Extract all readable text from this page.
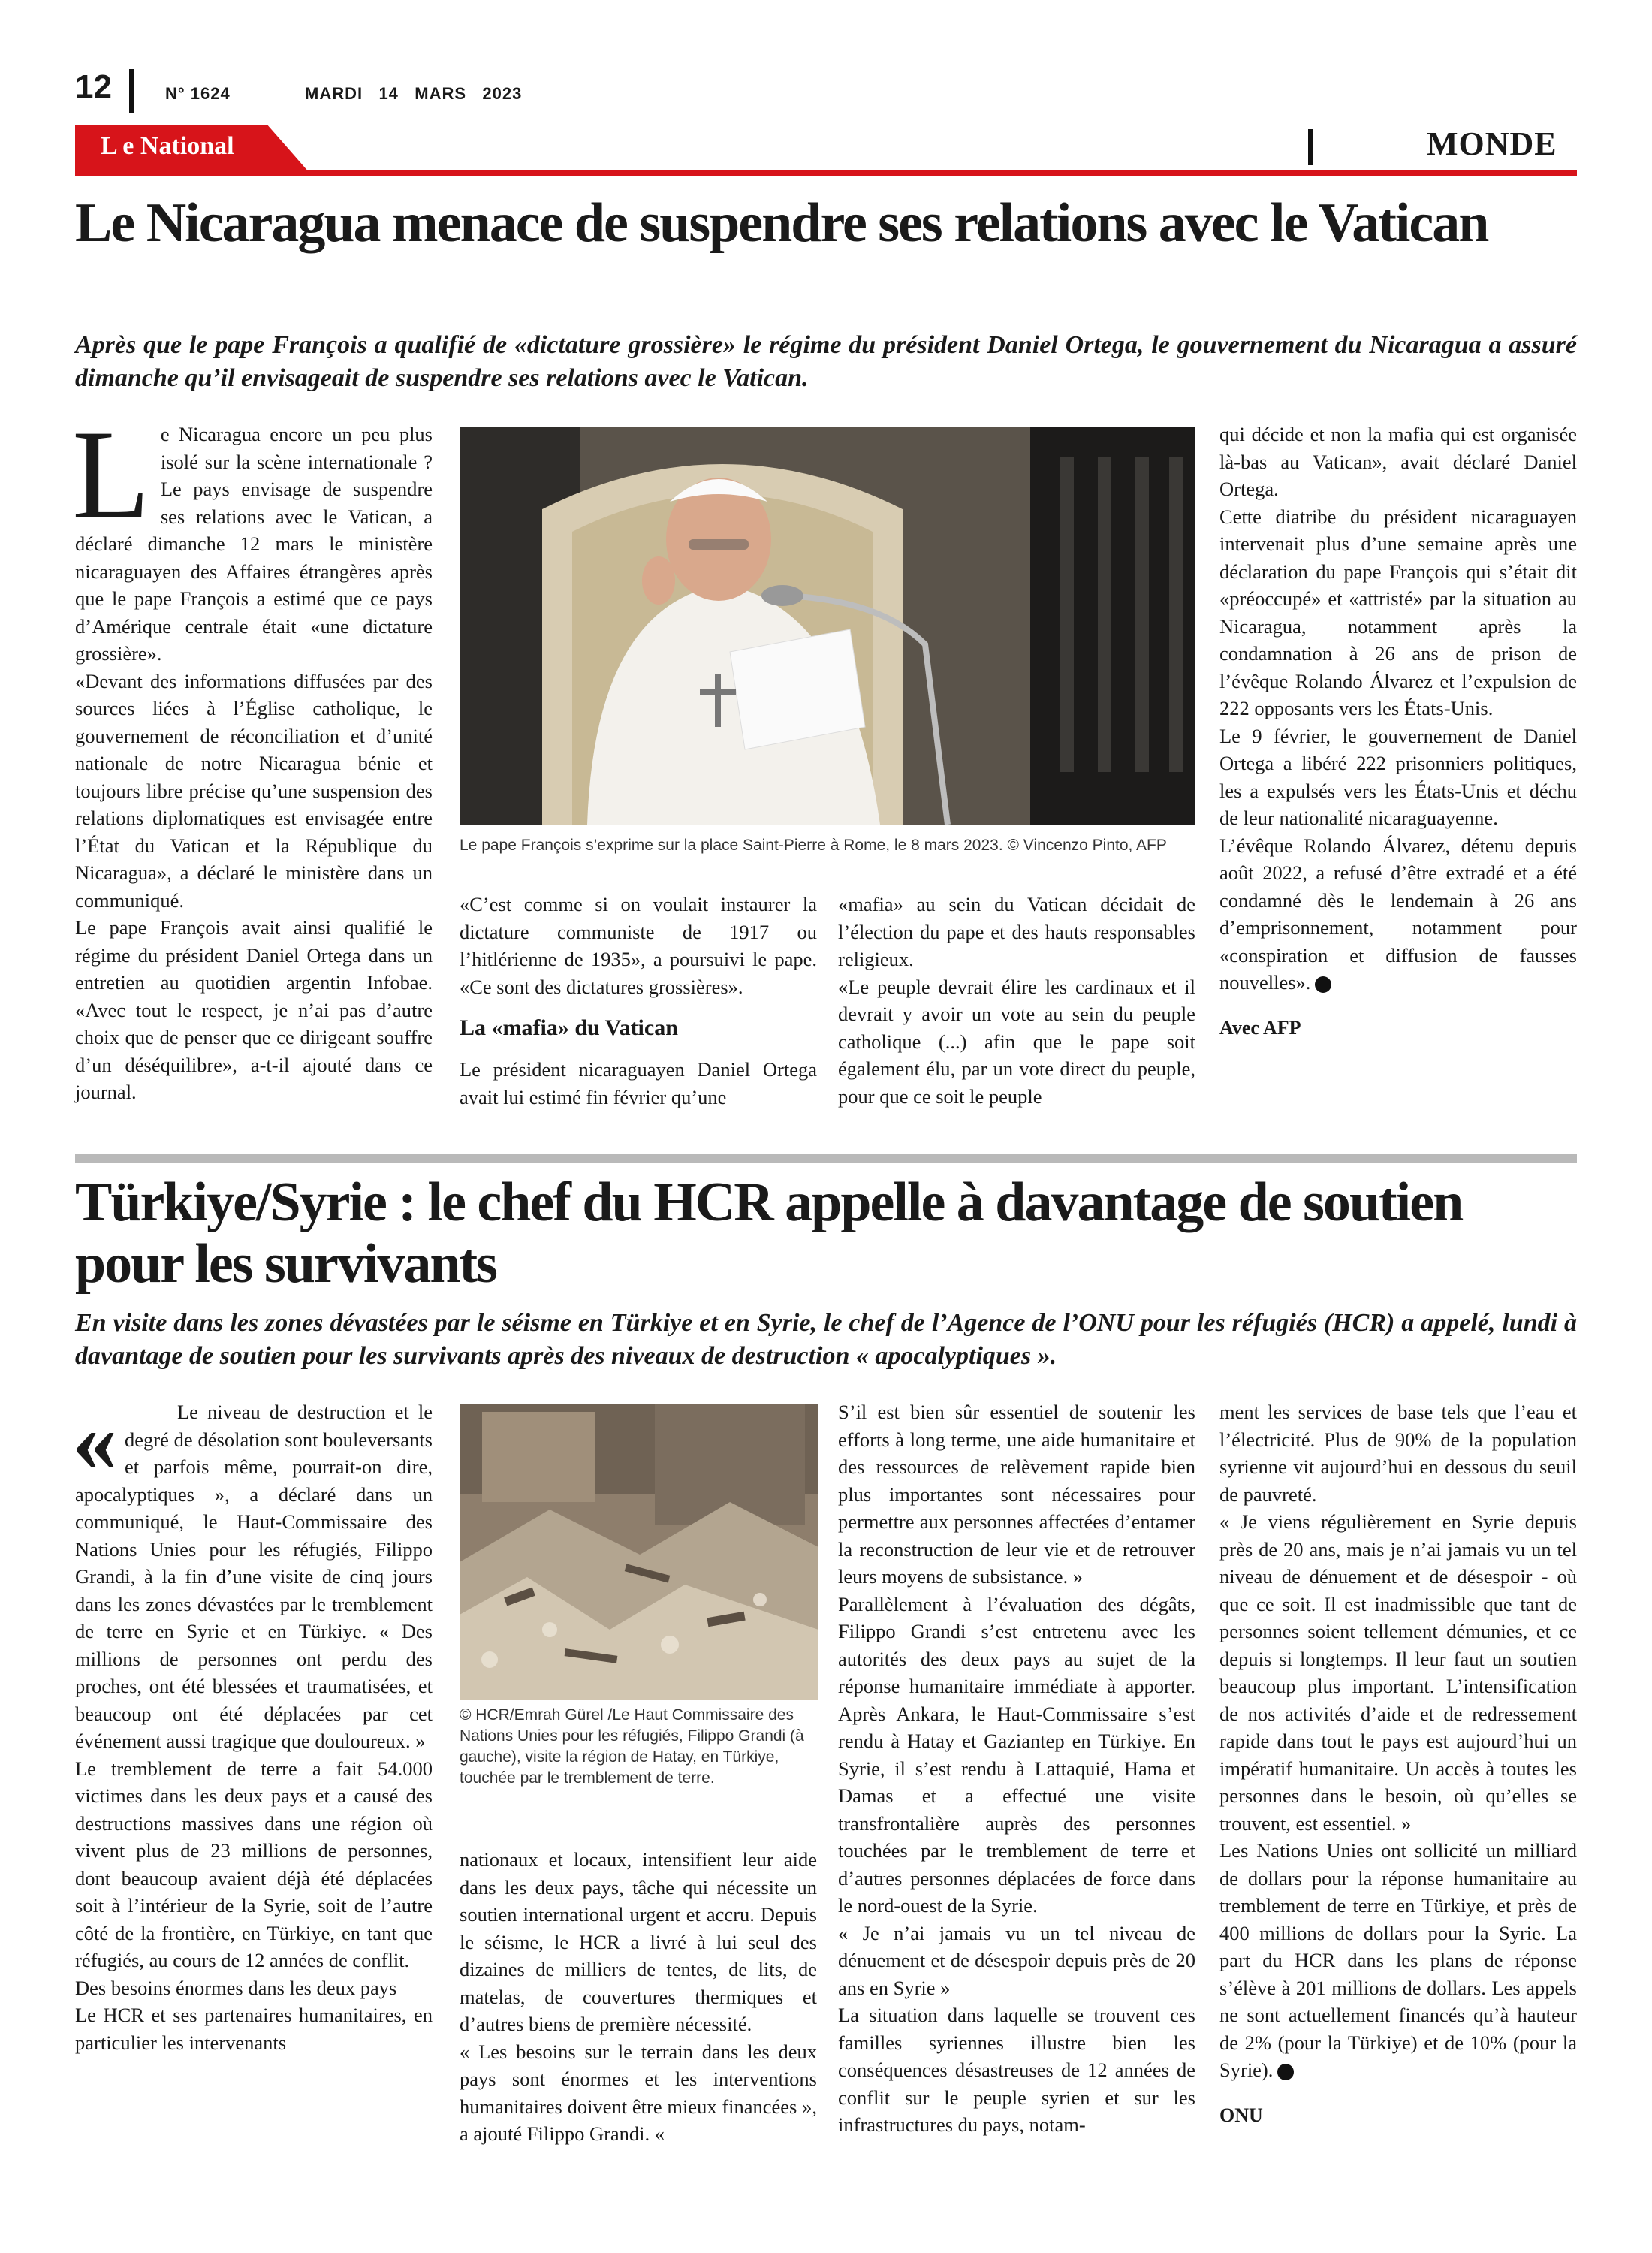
12	N° 1624	MARDI   14   MARS   2023
L e National	MONDE
Le Nicaragua menace de suspendre ses relations avec le Vatican
Après que le pape François a qualifié de «dictature grossière» le régime du président Daniel Ortega, le gouvernement du Nicaragua a assuré dimanche qu’il envisageait de suspendre ses relations avec le Vatican.
L e Nicaragua encore un peu plus isolé sur la scène internationale ? Le pays envisage de suspendre ses relations avec le Vatican, a déclaré dimanche 12 mars le ministère nicaraguayen des Affaires étrangères après que le pape François a estimé que ce pays d’Amérique centrale était «une dictature grossière».

«Devant des informations diffusées par des sources liées à l’Église catholique, le gouvernement de réconciliation et d’unité nationale de notre Nicaragua bénie et toujours libre précise qu’une suspension des relations diplomatiques est envisagée entre l’État du Vatican et la République du Nicaragua», a déclaré le ministère dans un communiqué.

Le pape François avait ainsi qualifié le régime du président Daniel Ortega dans un entretien au quotidien argentin Infobae. «Avec tout le respect, je n’ai pas d’autre choix que de penser que ce dirigeant souffre d’un déséquilibre», a-t-il ajouté dans ce journal.

Le pape François s’exprime sur la place Saint-Pierre à Rome, le 8 mars 2023. © Vincenzo Pinto, AFP

«C’est comme si on voulait instaurer la dictature communiste de 1917 ou l’hitlérienne de 1935», a poursuivi le pape. «Ce sont des dictatures grossières».

La «mafia» du Vatican

Le président nicaraguayen Daniel Ortega avait lui estimé fin février qu’une

«mafia» au sein du Vatican décidait de l’élection du pape et des hauts responsables religieux.

«Le peuple devrait élire les cardinaux et il devrait y avoir un vote au sein du peuple catholique (...) afin que le pape soit également élu, par un vote direct du peuple, pour que ce soit le peuple

qui décide et non la mafia qui est organisée là-bas au Vatican», avait déclaré Daniel Ortega.

Cette diatribe du président nicaraguayen intervenait plus d’une semaine après une déclaration du pape François qui s’était dit «préoccupé» et «attristé» par la situation au Nicaragua, notamment après la condamnation à 26 ans de prison de l’évêque Rolando Álvarez et l’expulsion de 222 opposants vers les États-Unis.

Le 9 février, le gouvernement de Daniel Ortega a libéré 222 prisonniers politiques, les a expulsés vers les États-Unis et déchu de leur nationalité nicaraguayenne.

L’évêque Rolando Álvarez, détenu depuis août 2022, a refusé d’être extradé et a été condamné dès le lendemain à 26 ans d’emprisonnement, notamment pour «conspiration et diffusion de fausses nouvelles».

Avec AFP

Türkiye/Syrie : le chef du HCR appelle à davantage de soutien pour les survivants
En visite dans les zones dévastées par le séisme en Türkiye et en Syrie, le chef de l’Agence de l’ONU pour les réfugiés (HCR) a appelé, lundi à davantage de soutien pour les survivants après des niveaux de destruction « apocalyptiques ».
«	Le niveau de destruction et le degré de désolation sont bouleversants et parfois même, pourrait-on dire, apocalyptiques », a déclaré dans un communiqué, le Haut-Commissaire des Nations Unies pour les réfugiés, Filippo Grandi, à la fin d’une visite de cinq jours dans les zones dévastées par le tremblement de terre en Syrie et en Türkiye. « Des millions de personnes ont perdu des proches, ont été blessées et traumatisées, et beaucoup ont été déplacées par cet événement aussi tragique que douloureux. »

Le tremblement de terre a fait 54.000 victimes dans les deux pays et a causé des destructions massives dans une région où vivent plus de 23 millions de personnes, dont beaucoup avaient déjà été déplacées soit à l’intérieur de la Syrie, soit de l’autre côté de la frontière, en Türkiye, en tant que réfugiés, au cours de 12 années de conflit.

Des besoins énormes dans les deux pays

Le HCR et ses partenaires humanitaires, en particulier les intervenants

© HCR/Emrah Gürel /Le Haut Commissaire des Nations Unies pour les réfugiés, Filippo Grandi (à gauche), visite la région de Hatay, en Türkiye, touchée par le tremblement de terre.

nationaux et locaux, intensifient leur aide dans les deux pays, tâche qui nécessite un soutien international urgent et accru. Depuis le séisme, le HCR a livré à lui seul des dizaines de milliers de tentes, de lits, de matelas, de couvertures thermiques et d’autres biens de première nécessité.

« Les besoins sur le terrain dans les deux pays sont énormes et les interventions humanitaires doivent être mieux financées », a ajouté Filippo Grandi. «

S’il est bien sûr essentiel de soutenir les efforts à long terme, une aide humanitaire et des ressources de relèvement rapide bien plus importantes sont nécessaires pour permettre aux personnes affectées d’entamer la reconstruction de leur vie et de retrouver leurs moyens de subsistance. »

Parallèlement à l’évaluation des dégâts, Filippo Grandi s’est entretenu avec les autorités des deux pays au sujet de la réponse humanitaire immédiate à apporter. Après Ankara, le Haut-Commissaire s’est rendu à Hatay et Gaziantep en Türkiye. En Syrie, il s’est rendu à Lattaquié, Hama et Damas et a effectué une visite transfrontalière auprès des personnes touchées par le tremblement de terre et d’autres personnes déplacées de force dans le nord-ouest de la Syrie.

« Je n’ai jamais vu un tel niveau de dénuement et de désespoir depuis près de 20 ans en Syrie »

La situation dans laquelle se trouvent ces familles syriennes illustre bien les conséquences désastreuses de 12 années de conflit sur le peuple syrien et sur les infrastructures du pays, notam-

ment les services de base tels que l’eau et l’électricité. Plus de 90% de la population syrienne vit aujourd’hui en dessous du seuil de pauvreté.

« Je viens régulièrement en Syrie depuis près de 20 ans, mais je n’ai jamais vu un tel niveau de dénuement et de désespoir - où que ce soit. Il est inadmissible que tant de personnes soient tellement démunies, et ce depuis si longtemps. Il leur faut un soutien beaucoup plus important. L’intensification de nos activités d’aide et de redressement rapide dans tout le pays est aujourd’hui un impératif humanitaire. Un accès à toutes les personnes dans le besoin, où qu’elles se trouvent, est essentiel. »

Les Nations Unies ont sollicité un milliard de dollars pour la réponse humanitaire au tremblement de terre en Türkiye, et près de 400 millions de dollars pour la Syrie. La part du HCR dans les plans de réponse s’élève à 201 millions de dollars. Les appels ne sont actuellement financés qu’à hauteur de 2% (pour la Türkiye) et de 10% (pour la Syrie).

ONU
